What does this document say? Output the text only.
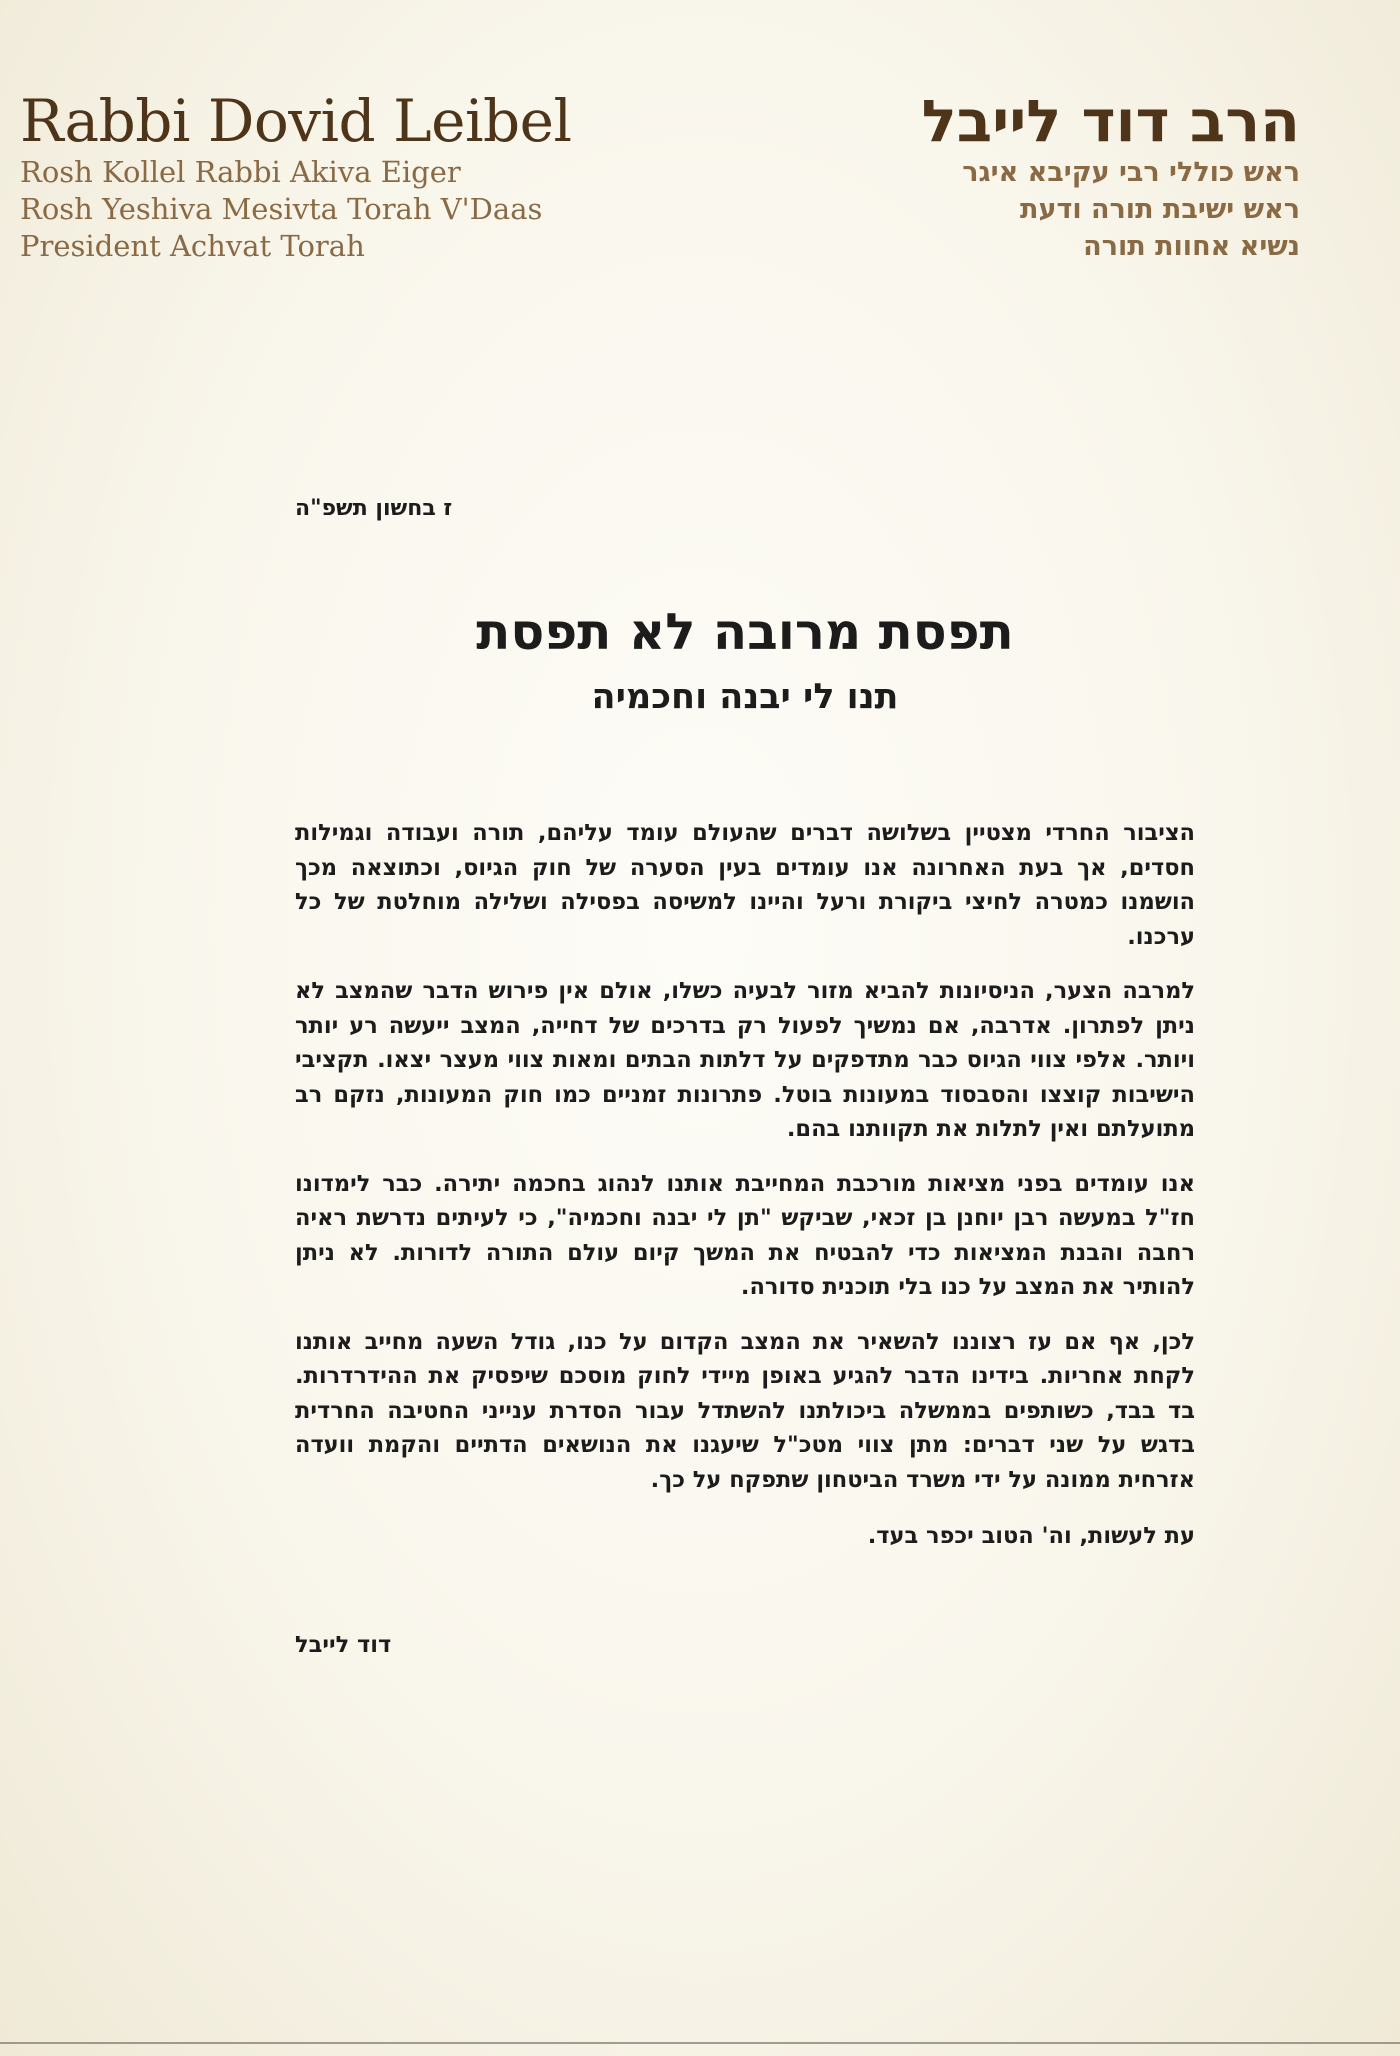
Rabbi Dovid Leibel
Rosh Kollel Rabbi Akiva Eiger
Rosh Yeshiva Mesivta Torah V'Daas
President Achvat Torah
הרב דוד לייבל
ראש כוללי רבי עקיבא איגר
ראש ישיבת תורה ודעת
נשיא אחוות תורה
ז בחשון תשפ"ה
תפסת מרובה לא תפסת
תנו לי יבנה וחכמיה

הציבור החרדי מצטיין בשלושה דברים שהעולם עומד עליהם, תורה ועבודה וגמילות חסדים, אך בעת האחרונה אנו עומדים בעין הסערה של חוק הגיוס, וכתוצאה מכך הושמנו כמטרה לחיצי ביקורת ורעל והיינו למשיסה בפסילה ושלילה מוחלטת של כל ערכנו.

למרבה הצער, הניסיונות להביא מזור לבעיה כשלו, אולם אין פירוש הדבר שהמצב לא ניתן לפתרון. אדרבה, אם נמשיך לפעול רק בדרכים של דחייה, המצב ייעשה רע יותר ויותר. אלפי צווי הגיוס כבר מתדפקים על דלתות הבתים ומאות צווי מעצר יצאו. תקציבי הישיבות קוצצו והסבסוד במעונות בוטל. פתרונות זמניים כמו חוק המעונות, נזקם רב מתועלתם ואין לתלות את תקוותנו בהם.

אנו עומדים בפני מציאות מורכבת המחייבת אותנו לנהוג בחכמה יתירה. כבר לימדונו חז"ל במעשה רבן יוחנן בן זכאי, שביקש "תן לי יבנה וחכמיה", כי לעיתים נדרשת ראיה רחבה והבנת המציאות כדי להבטיח את המשך קיום עולם התורה לדורות. לא ניתן להותיר את המצב על כנו בלי תוכנית סדורה.

לכן, אף אם עז רצוננו להשאיר את המצב הקדום על כנו, גודל השעה מחייב אותנו לקחת אחריות. בידינו הדבר להגיע באופן מיידי לחוק מוסכם שיפסיק את ההידרדרות. בד בבד, כשותפים בממשלה ביכולתנו להשתדל עבור הסדרת ענייני החטיבה החרדית בדגש על שני דברים: מתן צווי מטכ"ל שיעגנו את הנושאים הדתיים והקמת וועדה אזרחית ממונה על ידי משרד הביטחון שתפקח על כך.

עת לעשות, וה' הטוב יכפר בעד.
דוד לייבל
